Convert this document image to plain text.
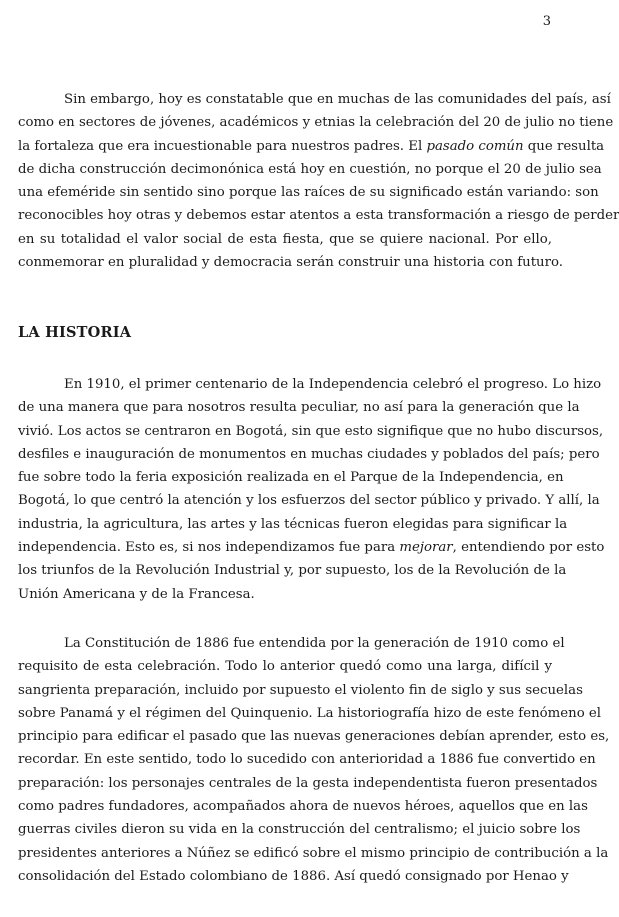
3
Sin embargo, hoy es constatable que en muchas de las comunidades del país, así
como en sectores de jóvenes, académicos y etnias la celebración del 20 de julio no tiene
la fortaleza que era incuestionable para nuestros padres. El pasado común que resulta
de dicha construcción decimonónica está hoy en cuestión, no porque el 20 de julio sea
una efeméride sin sentido sino porque las raíces de su significado están variando: son
reconocibles hoy otras y debemos estar atentos a esta transformación a riesgo de perder
en su totalidad el valor social de esta fiesta, que se quiere nacional. Por ello,
conmemorar en pluralidad y democracia serán construir una historia con futuro.
LA HISTORIA
En 1910, el primer centenario de la Independencia celebró el progreso. Lo hizo
de una manera que para nosotros resulta peculiar, no así para la generación que la
vivió. Los actos se centraron en Bogotá, sin que esto signifique que no hubo discursos,
desfiles e inauguración de monumentos en muchas ciudades y poblados del país; pero
fue sobre todo la feria exposición realizada en el Parque de la Independencia, en
Bogotá, lo que centró la atención y los esfuerzos del sector público y privado. Y allí, la
industria, la agricultura, las artes y las técnicas fueron elegidas para significar la
independencia. Esto es, si nos independizamos fue para mejorar, entendiendo por esto
los triunfos de la Revolución Industrial y, por supuesto, los de la Revolución de la
Unión Americana y de la Francesa.
La Constitución de 1886 fue entendida por la generación de 1910 como el
requisito de esta celebración. Todo lo anterior quedó como una larga, difícil y
sangrienta preparación, incluido por supuesto el violento fin de siglo y sus secuelas
sobre Panamá y el régimen del Quinquenio. La historiografía hizo de este fenómeno el
principio para edificar el pasado que las nuevas generaciones debían aprender, esto es,
recordar. En este sentido, todo lo sucedido con anterioridad a 1886 fue convertido en
preparación: los personajes centrales de la gesta independentista fueron presentados
como padres fundadores, acompañados ahora de nuevos héroes, aquellos que en las
guerras civiles dieron su vida en la construcción del centralismo; el juicio sobre los
presidentes anteriores a Núñez se edificó sobre el mismo principio de contribución a la
consolidación del Estado colombiano de 1886. Así quedó consignado por Henao y
